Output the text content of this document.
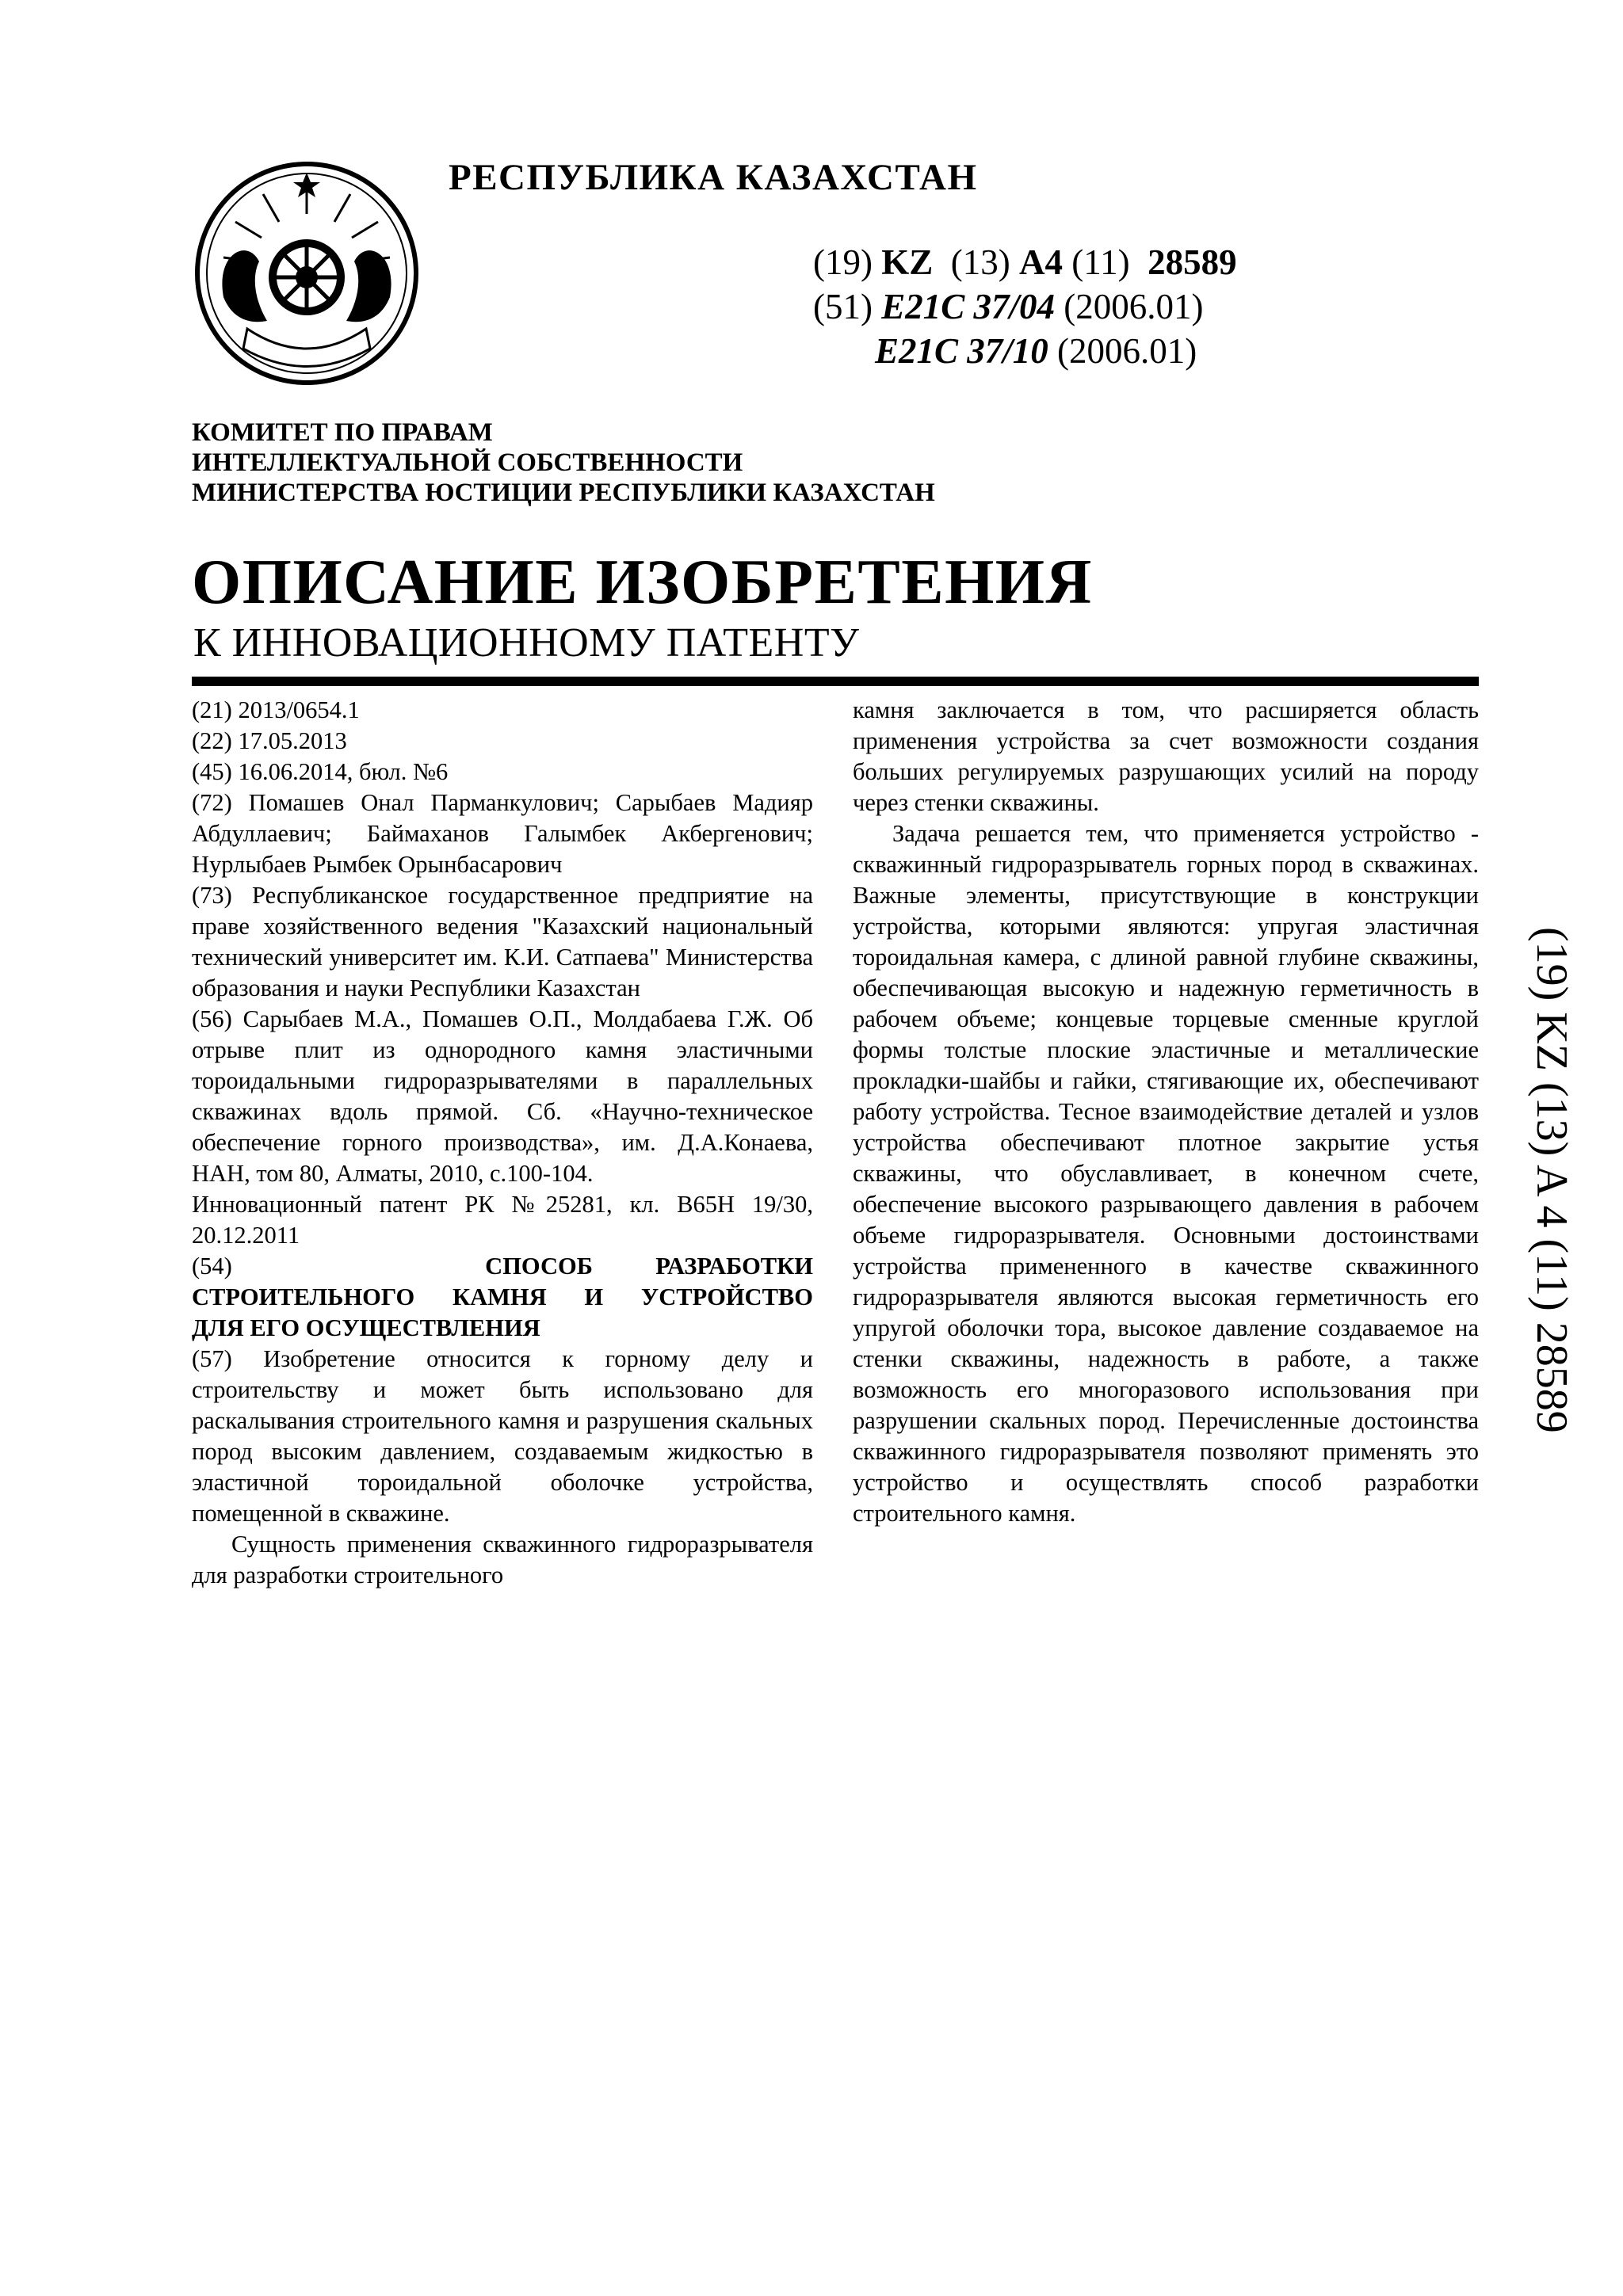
РЕСПУБЛИКА КАЗАХСТАН
(19) KZ (13) A4 (11) 28589
(51) E21C 37/04 (2006.01)
E21C 37/10 (2006.01)
КОМИТЕТ ПО ПРАВАМ
ИНТЕЛЛЕКТУАЛЬНОЙ СОБСТВЕННОСТИ
МИНИСТЕРСТВА ЮСТИЦИИ РЕСПУБЛИКИ КАЗАХСТАН
ОПИСАНИЕ ИЗОБРЕТЕНИЯ
К ИННОВАЦИОННОМУ ПАТЕНТУ

(21) 2013/0654.1

(22) 17.05.2013

(45) 16.06.2014, бюл. №6

(72) Помашев Онал Парманкулович; Сарыбаев Мадияр Абдуллаевич; Баймаханов Галымбек Акбергенович; Нурлыбаев Рымбек Орынбасарович

(73) Республиканское государственное предприятие на праве хозяйственного ведения "Казахский национальный технический университет им. К.И. Сатпаева" Министерства образования и науки Республики Казахстан

(56) Сарыбаев М.А., Помашев О.П., Молдабаева Г.Ж. Об отрыве плит из однородного камня эластичными тороидальными гидроразрывателями в параллельных скважинах вдоль прямой. Сб. «Научно-техническое обеспечение горного производства», им. Д.А.Конаева, НАН, том 80, Алматы, 2010, с.100-104.

Инновационный патент РК №25281, кл. B65H 19/30, 20.12.2011

(54)	СПОСОБ РАЗРАБОТКИ

СТРОИТЕЛЬНОГО КАМНЯ И УСТРОЙСТВО

ДЛЯ ЕГО ОСУЩЕСТВЛЕНИЯ

(57) Изобретение относится к горному делу и строительству и может быть использовано для раскалывания строительного камня и разрушения скальных пород высоким давлением, создаваемым жидкостью в эластичной тороидальной оболочке устройства, помещенной в скважине.

Сущность применения скважинного гидроразрывателя для разработки строительного

камня заключается в том, что расширяется область применения устройства за счет возможности создания больших регулируемых разрушающих усилий на породу через стенки скважины.

Задача решается тем, что применяется устройство - скважинный гидроразрыватель горных пород в скважинах. Важные элементы, присутствующие в конструкции устройства, которыми являются: упругая эластичная тороидальная камера, с длиной равной глубине скважины, обеспечивающая высокую и надежную герметичность в рабочем объеме; концевые торцевые сменные круглой формы толстые плоские эластичные и металлические прокладки-шайбы и гайки, стягивающие их, обеспечивают работу устройства. Тесное взаимодействие деталей и узлов устройства обеспечивают плотное закрытие устья скважины, что обуславливает, в конечном счете, обеспечение высокого разрывающего давления в рабочем объеме гидроразрывателя. Основными достоинствами устройства примененного в качестве скважинного гидроразрывателя являются высокая герметичность его упругой оболочки тора, высокое давление создаваемое на стенки скважины, надежность в работе, а также возможность его многоразового использования при разрушении скальных пород. Перечисленные достоинства скважинного гидроразрывателя позволяют применять это устройство и осуществлять способ разработки строительного камня.

(19) KZ (13) A 4 (11) 28589
